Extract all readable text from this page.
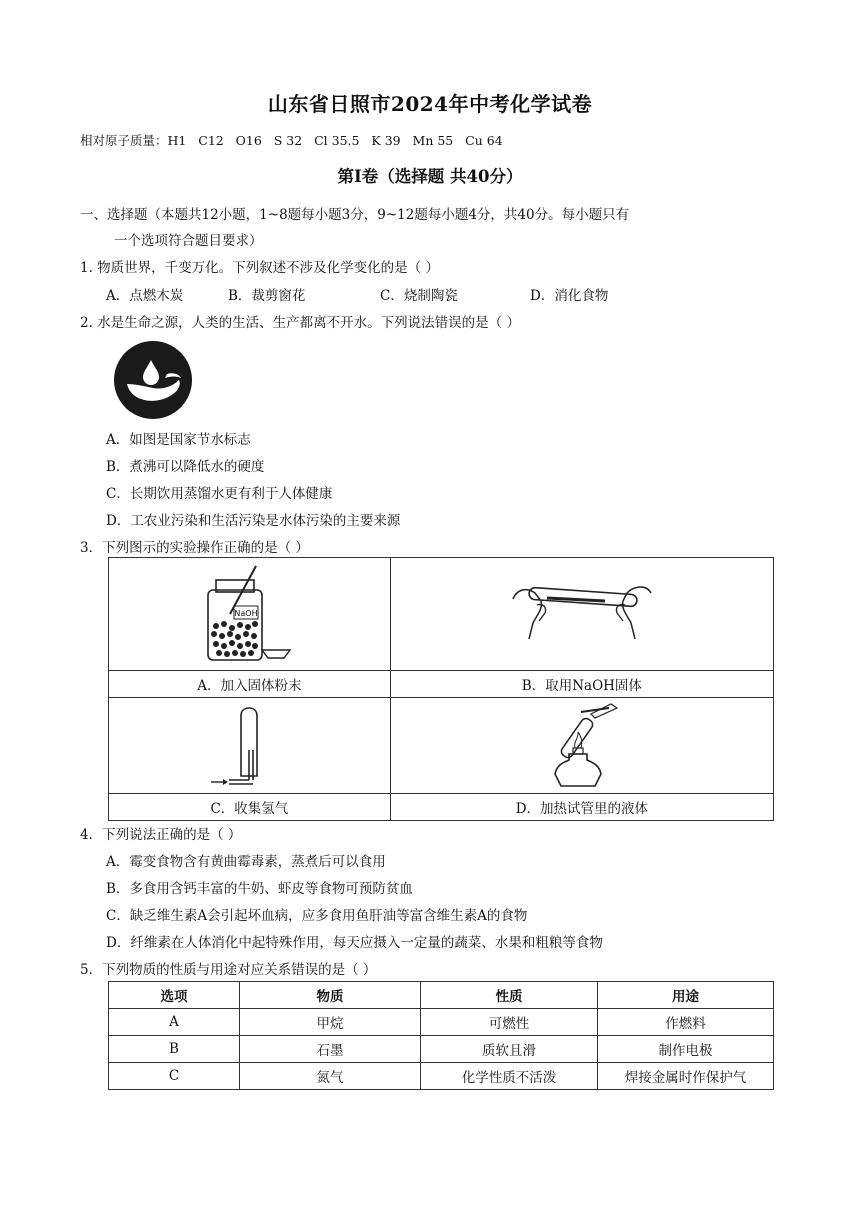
山东省日照市2024年中考化学试卷
相对原子质量：H1   C12   O16   S 32   Cl 35.5   K 39   Mn 55   Cu 64
第Ⅰ卷（选择题 共40分）
一、选择题（本题共12小题，1~8题每小题3分，9~12题每小题4分，共40分。每小题只有
一个选项符合题目要求）
1. 物质世界，千变万化。下列叙述不涉及化学变化的是（ ）
A．点燃木炭	B．裁剪窗花	C．烧制陶瓷	D．消化食物
2. 水是生命之源，人类的生活、生产都离不开水。下列说法错误的是（ ）
A．如图是国家节水标志
B．煮沸可以降低水的硬度
C．长期饮用蒸馏水更有利于人体健康
D．工农业污染和生活污染是水体污染的主要来源
3．下列图示的实验操作正确的是（ ）
NaOH

A．加入固体粉末	B．取用NaOH固体

C．收集氢气	D．加热试管里的液体
4．下列说法正确的是（ ）
A．霉变食物含有黄曲霉毒素，蒸煮后可以食用
B．多食用含钙丰富的牛奶、虾皮等食物可预防贫血
C．缺乏维生素A会引起坏血病，应多食用鱼肝油等富含维生素A的食物
D．纤维素在人体消化中起特殊作用，每天应摄入一定量的蔬菜、水果和粗粮等食物
5．下列物质的性质与用途对应关系错误的是（ ）
选项	物质	性质	用途
A	甲烷	可燃性	作燃料
B	石墨	质软且滑	制作电极
C	氮气	化学性质不活泼	焊接金属时作保护气
